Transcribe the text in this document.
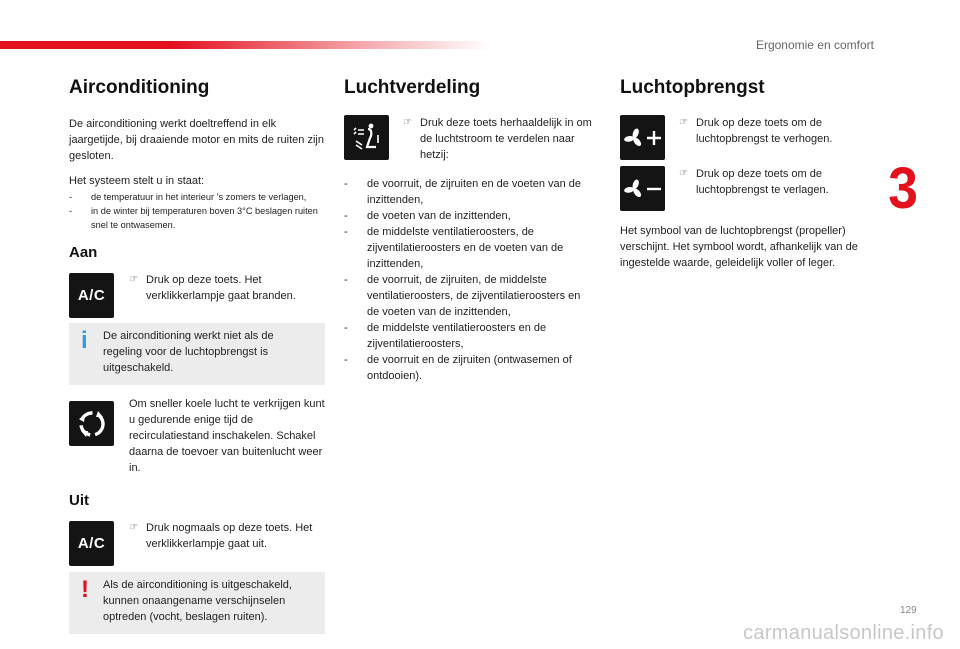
Ergonomie en comfort
3
129
carmanualsonline.info
Airconditioning

De airconditioning werkt doeltreffend in elk jaargetijde, bij draaiende motor en mits de ruiten zijn gesloten.

Het systeem stelt u in staat:

- de temperatuur in het interieur ’s zomers te verlagen,
- in de winter bij temperaturen boven 3°C beslagen ruiten snel te ontwasemen.
Aan
A/C
☞ Druk op deze toets. Het verklikkerlampje gaat branden.
i De airconditioning werkt niet als de regeling voor de luchtopbrengst is uitgeschakeld.
Om sneller koele lucht te verkrijgen kunt u gedurende enige tijd de recirculatiestand inschakelen. Schakel daarna de toevoer van buitenlucht weer in.
Uit
A/C
☞ Druk nogmaals op deze toets. Het verklikkerlampje gaat uit.
! Als de airconditioning is uitgeschakeld, kunnen onaangename verschijnselen optreden (vocht, beslagen ruiten).
Luchtverdeling
☞ Druk deze toets herhaaldelijk in om de luchtstroom te verdelen naar hetzij:
- de voorruit, de zijruiten en de voeten van de inzittenden,
- de voeten van de inzittenden,
- de middelste ventilatieroosters, de zijventilatieroosters en de voeten van de inzittenden,
- de voorruit, de zijruiten, de middelste ventilatieroosters, de zijventilatieroosters en de voeten van de inzittenden,
- de middelste ventilatieroosters en de zijventilatieroosters,
- de voorruit en de zijruiten (ontwasemen of ontdooien).
Luchtopbrengst
☞ Druk op deze toets om de luchtopbrengst te verhogen.
☞ Druk op deze toets om de luchtopbrengst te verlagen.

Het symbool van de luchtopbrengst (propeller) verschijnt. Het symbool wordt, afhankelijk van de ingestelde waarde, geleidelijk voller of leger.
